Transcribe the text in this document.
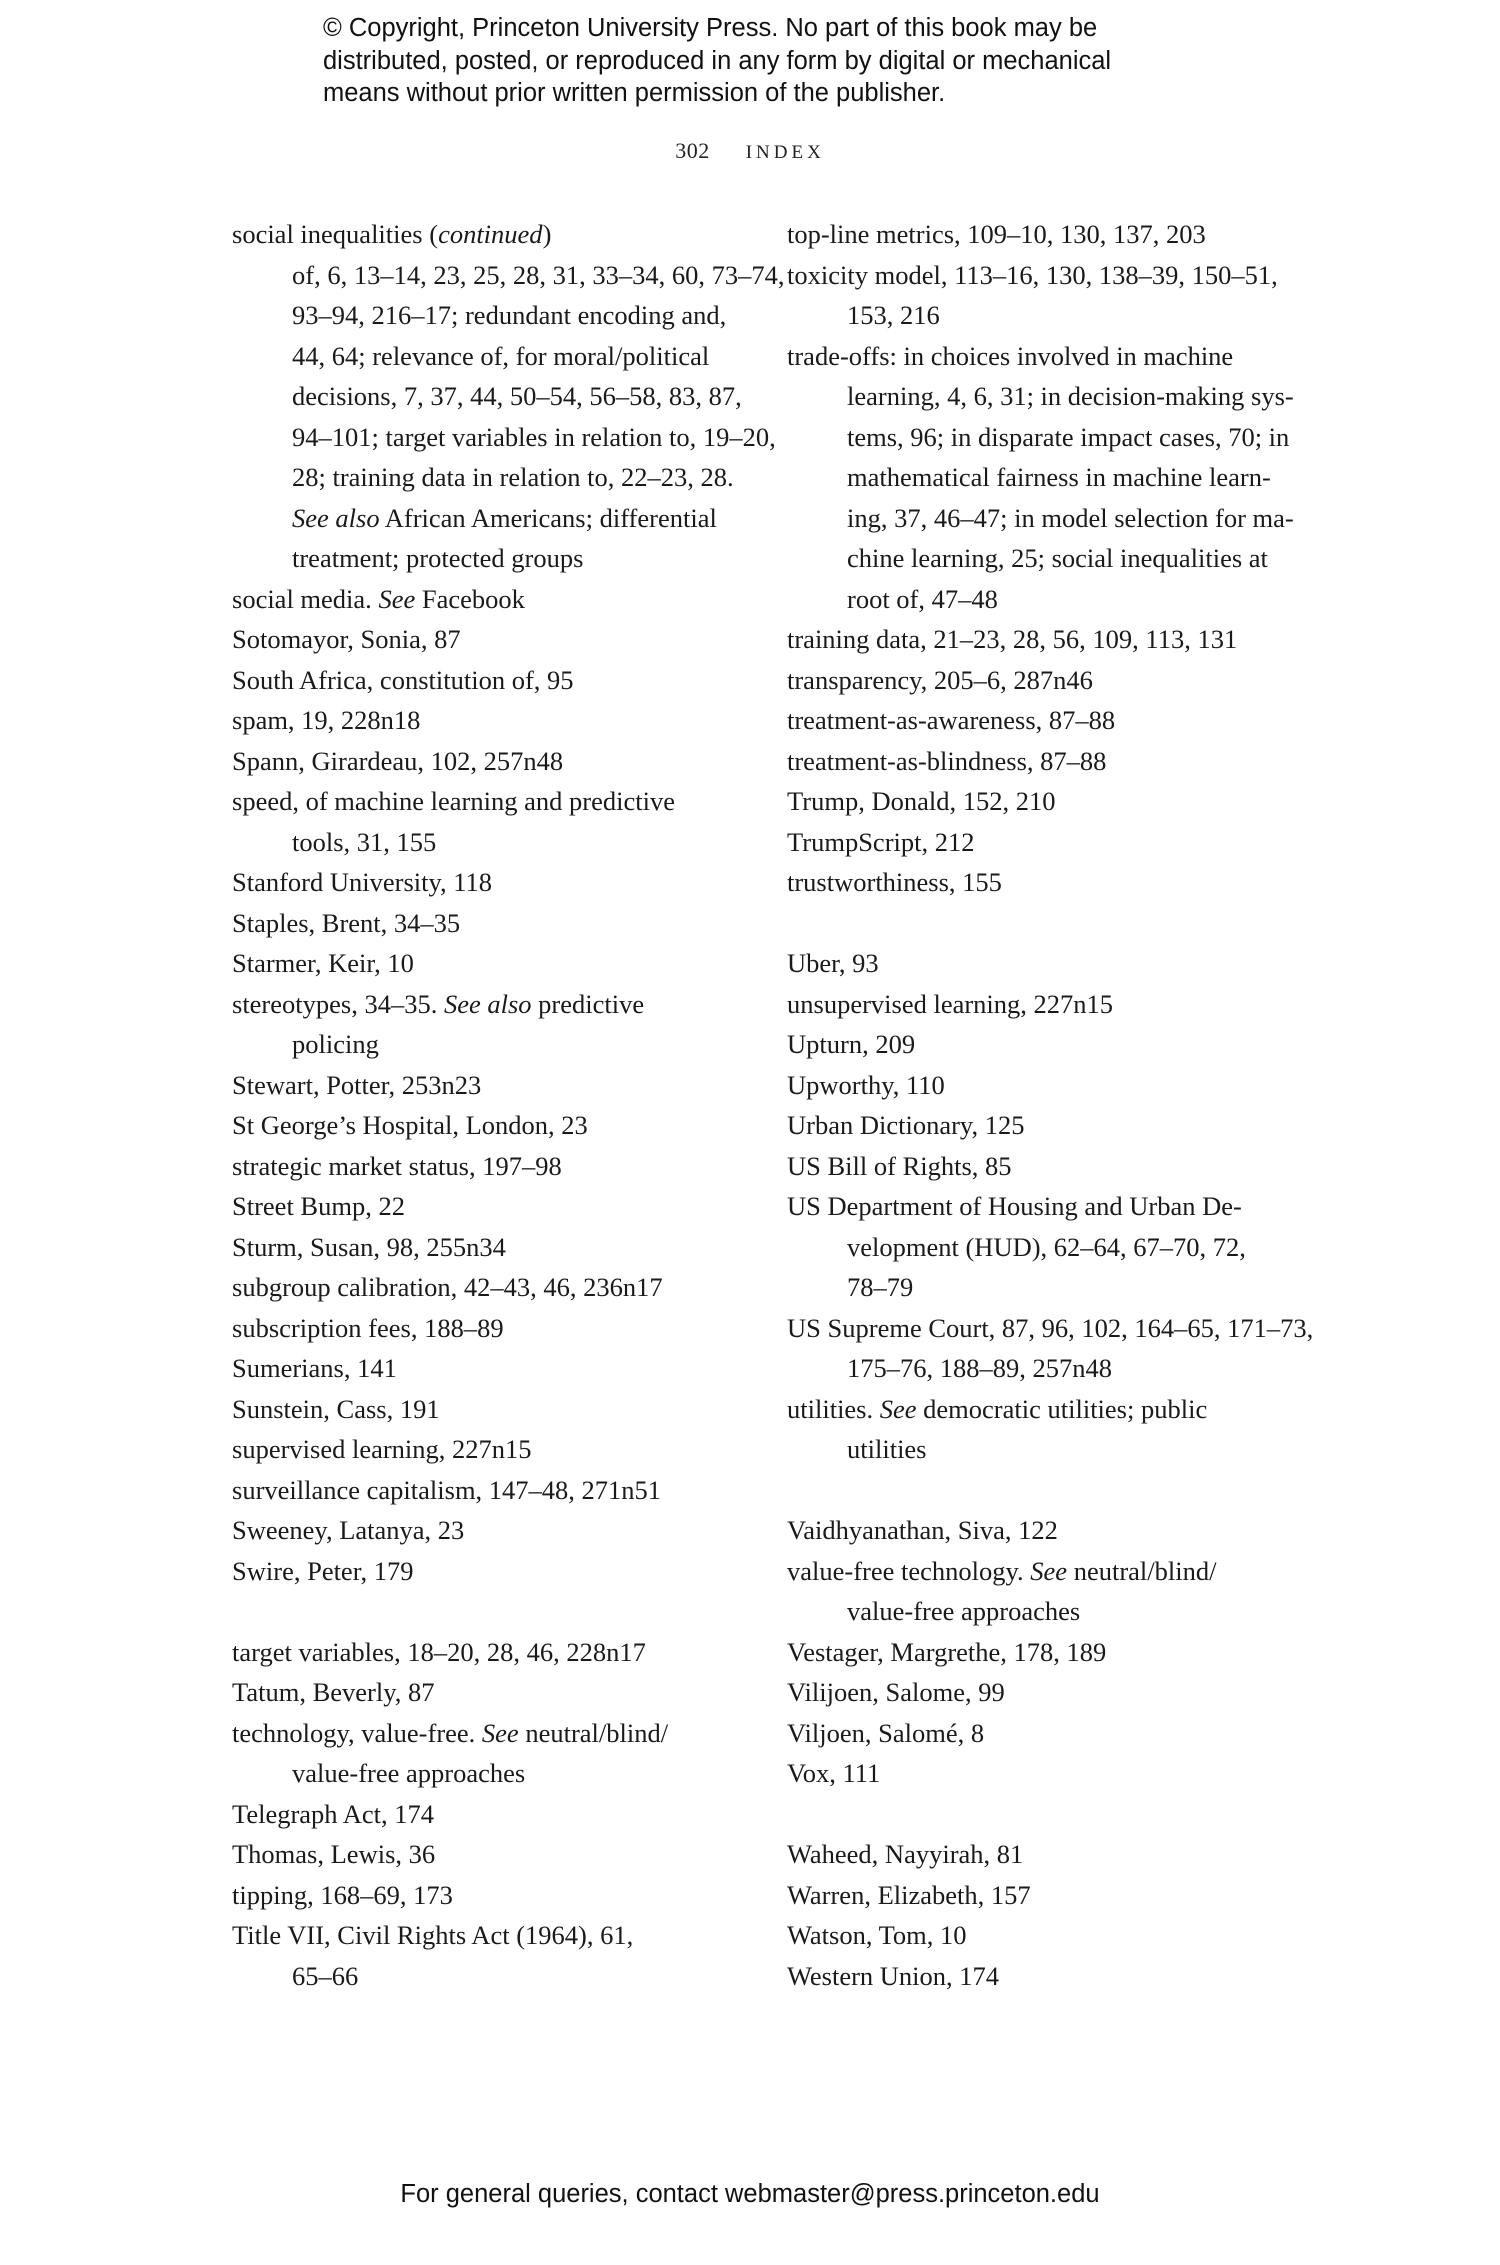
© Copyright, Princeton University Press. No part of this book may be
distributed, posted, or reproduced in any form by digital or mechanical
means without prior written permission of the publisher.
302 INDEX
social inequalities (continued)
of, 6, 13–14, 23, 25, 28, 31, 33–34, 60, 73–74,
93–94, 216–17; redundant encoding and,
44, 64; relevance of, for moral/political
decisions, 7, 37, 44, 50–54, 56–58, 83, 87,
94–101; target variables in relation to, 19–20,
28; training data in relation to, 22–23, 28.
See also African Americans; differential
treatment; protected groups
social media. See Facebook
Sotomayor, Sonia, 87
South Africa, constitution of, 95
spam, 19, 228n18
Spann, Girardeau, 102, 257n48
speed, of machine learning and predictive
tools, 31, 155
Stanford University, 118
Staples, Brent, 34–35
Starmer, Keir, 10
stereotypes, 34–35. See also predictive
policing
Stewart, Potter, 253n23
St George’s Hospital, London, 23
strategic market status, 197–98
Street Bump, 22
Sturm, Susan, 98, 255n34
subgroup calibration, 42–43, 46, 236n17
subscription fees, 188–89
Sumerians, 141
Sunstein, Cass, 191
supervised learning, 227n15
surveillance capitalism, 147–48, 271n51
Sweeney, Latanya, 23
Swire, Peter, 179
target variables, 18–20, 28, 46, 228n17
Tatum, Beverly, 87
technology, value-free. See neutral/blind/
value-free approaches
Telegraph Act, 174
Thomas, Lewis, 36
tipping, 168–69, 173
Title VII, Civil Rights Act (1964), 61,
65–66
top-line metrics, 109–10, 130, 137, 203
toxicity model, 113–16, 130, 138–39, 150–51,
153, 216
trade-offs: in choices involved in machine
learning, 4, 6, 31; in decision-making sys-
tems, 96; in disparate impact cases, 70; in
mathematical fairness in machine learn-
ing, 37, 46–47; in model selection for ma-
chine learning, 25; social inequalities at
root of, 47–48
training data, 21–23, 28, 56, 109, 113, 131
transparency, 205–6, 287n46
treatment-as-awareness, 87–88
treatment-as-blindness, 87–88
Trump, Donald, 152, 210
TrumpScript, 212
trustworthiness, 155
Uber, 93
unsupervised learning, 227n15
Upturn, 209
Upworthy, 110
Urban Dictionary, 125
US Bill of Rights, 85
US Department of Housing and Urban De-
velopment (HUD), 62–64, 67–70, 72,
78–79
US Supreme Court, 87, 96, 102, 164–65, 171–73,
175–76, 188–89, 257n48
utilities. See democratic utilities; public
utilities
Vaidhyanathan, Siva, 122
value-free technology. See neutral/blind/
value-free approaches
Vestager, Margrethe, 178, 189
Vilijoen, Salome, 99
Viljoen, Salomé, 8
Vox, 111
Waheed, Nayyirah, 81
Warren, Elizabeth, 157
Watson, Tom, 10
Western Union, 174
For general queries, contact webmaster@press.princeton.edu
